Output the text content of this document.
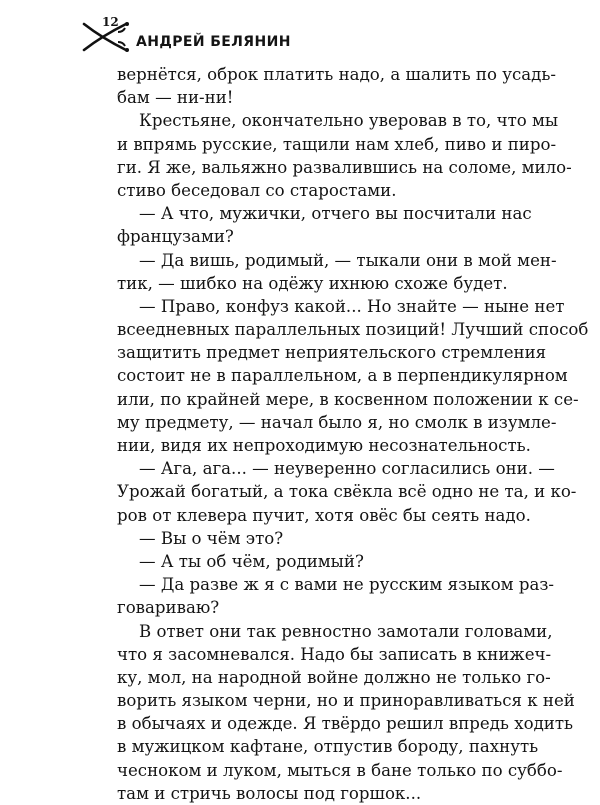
12
АНДРЕЙ БЕЛЯНИН
вернётся, оброк платить надо, а шалить по усадь-
бам — ни-ни!
Крестьяне, окончательно уверовав в то, что мы
и впрямь русские, тащили нам хлеб, пиво и пиро-
ги. Я же, вальяжно развалившись на соломе, мило-
стиво беседовал со старостами.
— А что, мужички, отчего вы посчитали нас
французами?
— Да вишь, родимый, — тыкали они в мой мен-
тик, — шибко на одёжу ихнюю схоже будет.
— Право, конфуз какой... Но знайте — ныне нет
всеедневных параллельных позиций! Лучший способ
защитить предмет неприятельского стремления
состоит не в параллельном, а в перпендикулярном
или, по крайней мере, в косвенном положении к се-
му предмету, — начал было я, но смолк в изумле-
нии, видя их непроходимую несознательность.
— Ага, ага... — неуверенно согласились они. —
Урожай богатый, а тока свёкла всё одно не та, и ко-
ров от клевера пучит, хотя овёс бы сеять надо.
— Вы о чём это?
— А ты об чём, родимый?
— Да разве ж я с вами не русским языком раз-
говариваю?
В ответ они так ревностно замотали головами,
что я засомневался. Надо бы записать в книжеч-
ку, мол, на народной войне должно не только го-
ворить языком черни, но и приноравливаться к ней
в обычаях и одежде. Я твёрдо решил впредь ходить
в мужицком кафтане, отпустив бороду, пахнуть
чесноком и луком, мыться в бане только по суббо-
там и стричь волосы под горшок...
